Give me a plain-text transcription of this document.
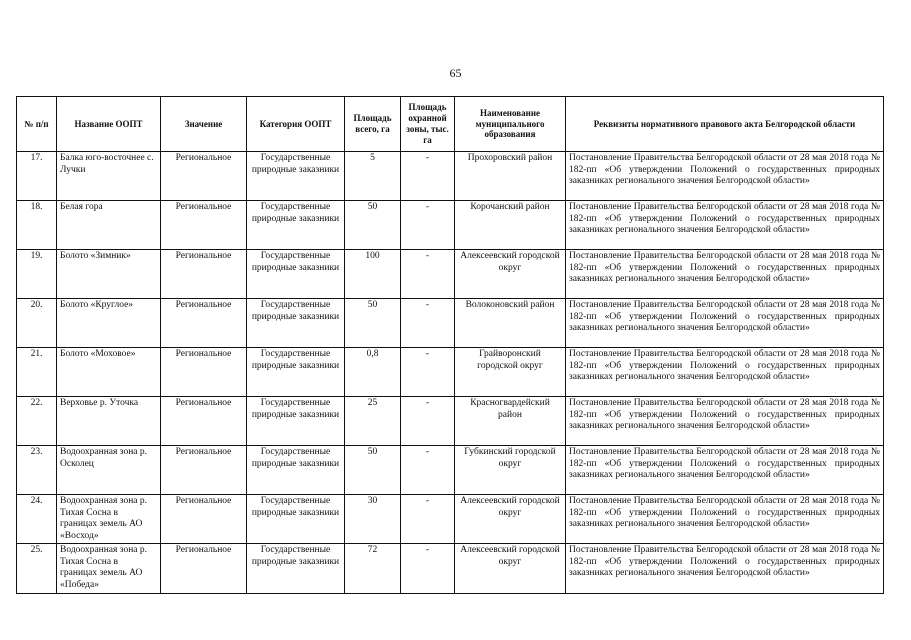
65
№ п/п	Название ООПТ	Значение	Категория ООПТ	Площадь всего, га	Площадь охранной зоны, тыс. га	Наименование муниципального образования	Реквизиты нормативного правового акта Белгородской области
17.	Балка юго-восточнее с. Лучки	Региональное	Государственные природные заказники	5	-	Прохоровский район	Постановление Правительства Белгородской области от 28 мая 2018 года № 182-пп «Об утверждении Положений о государственных природных заказниках регионального значения Белгородской области»
18.	Белая гора	Региональное	Государственные природные заказники	50	-	Корочанский район	Постановление Правительства Белгородской области от 28 мая 2018 года № 182-пп «Об утверждении Положений о государственных природных заказниках регионального значения Белгородской области»
19.	Болото «Зимник»	Региональное	Государственные природные заказники	100	-	Алексеевский городской округ	Постановление Правительства Белгородской области от 28 мая 2018 года № 182-пп «Об утверждении Положений о государственных природных заказниках регионального значения Белгородской области»
20.	Болото «Круглое»	Региональное	Государственные природные заказники	50	-	Волоконовский район	Постановление Правительства Белгородской области от 28 мая 2018 года № 182-пп «Об утверждении Положений о государственных природных заказниках регионального значения Белгородской области»
21.	Болото «Моховое»	Региональное	Государственные природные заказники	0,8	-	Грайворонский городской округ	Постановление Правительства Белгородской области от 28 мая 2018 года № 182-пп «Об утверждении Положений о государственных природных заказниках регионального значения Белгородской области»
22.	Верховье р. Уточка	Региональное	Государственные природные заказники	25	-	Красногвардейский район	Постановление Правительства Белгородской области от 28 мая 2018 года № 182-пп «Об утверждении Положений о государственных природных заказниках регионального значения Белгородской области»
23.	Водоохранная зона р. Осколец	Региональное	Государственные природные заказники	50	-	Губкинский городской округ	Постановление Правительства Белгородской области от 28 мая 2018 года № 182-пп «Об утверждении Положений о государственных природных заказниках регионального значения Белгородской области»
24.	Водоохранная зона р. Тихая Сосна в границах земель АО «Восход»	Региональное	Государственные природные заказники	30	-	Алексеевский городской округ	Постановление Правительства Белгородской области от 28 мая 2018 года № 182-пп «Об утверждении Положений о государственных природных заказниках регионального значения Белгородской области»
25.	Водоохранная зона р. Тихая Сосна в границах земель АО «Победа»	Региональное	Государственные природные заказники	72	-	Алексеевский городской округ	Постановление Правительства Белгородской области от 28 мая 2018 года № 182-пп «Об утверждении Положений о государственных природных заказниках регионального значения Белгородской области»
